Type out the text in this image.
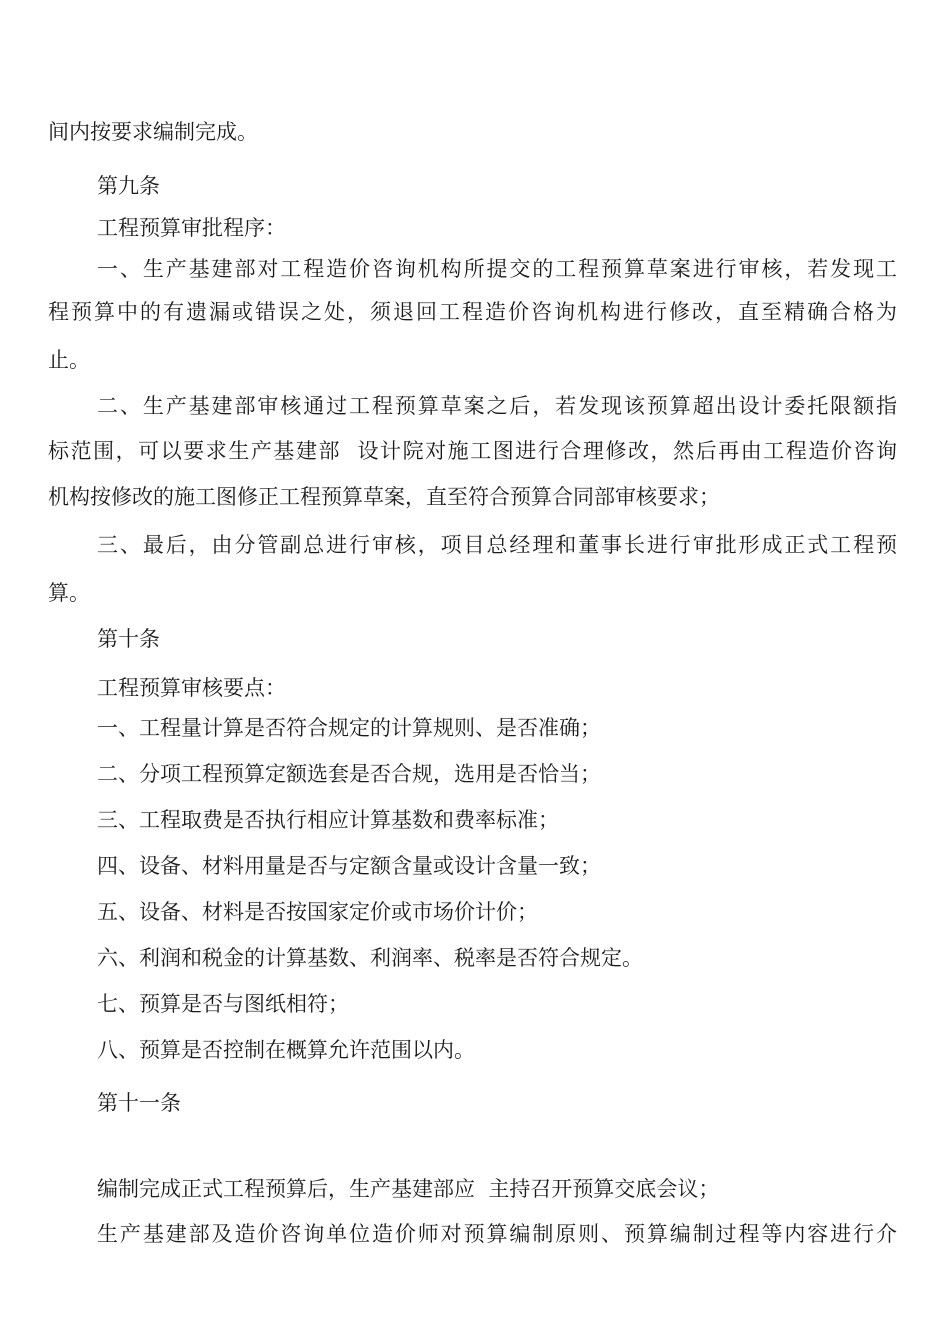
间内按要求编制完成。
第九条
工程预算审批程序：
一、生产基建部对工程造价咨询机构所提交的工程预算草案进行审核，若发现工
程预算中的有遗漏或错误之处，须退回工程造价咨询机构进行修改，直至精确合格为
止。
二、生产基建部审核通过工程预算草案之后，若发现该预算超出设计委托限额指
标范围，可以要求生产基建部  设计院对施工图进行合理修改，然后再由工程造价咨询
机构按修改的施工图修正工程预算草案，直至符合预算合同部审核要求；
三、最后，由分管副总进行审核，项目总经理和董事长进行审批形成正式工程预
算。
第十条
工程预算审核要点：
一、工程量计算是否符合规定的计算规则、是否准确；
二、分项工程预算定额选套是否合规，选用是否恰当；
三、工程取费是否执行相应计算基数和费率标准；
四、设备、材料用量是否与定额含量或设计含量一致；
五、设备、材料是否按国家定价或市场价计价；
六、利润和税金的计算基数、利润率、税率是否符合规定。
七、预算是否与图纸相符；
八、预算是否控制在概算允许范围以内。
第十一条
编制完成正式工程预算后，生产基建部应  主持召开预算交底会议；
生产基建部及造价咨询单位造价师对预算编制原则、预算编制过程等内容进行介
